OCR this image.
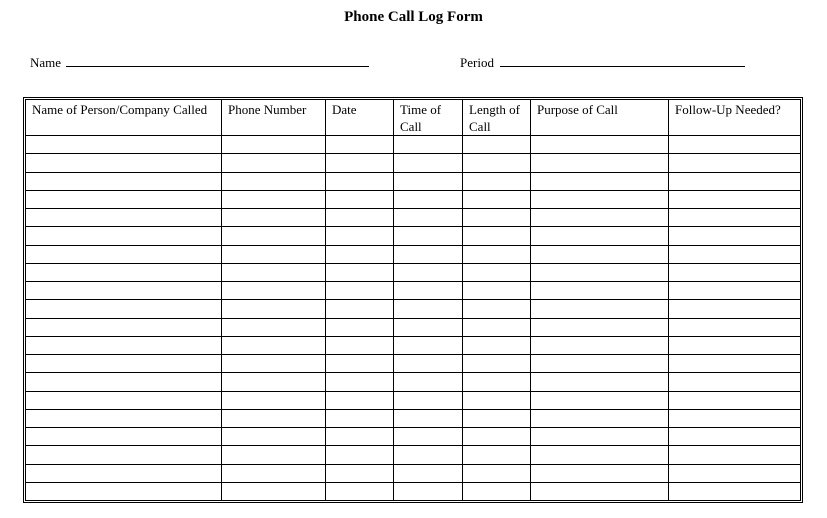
Phone Call Log Form
Name	Period
Name of Person/Company Called	Phone Number	Date	Time of Call	Length of Call	Purpose of Call	Follow-Up Needed?
